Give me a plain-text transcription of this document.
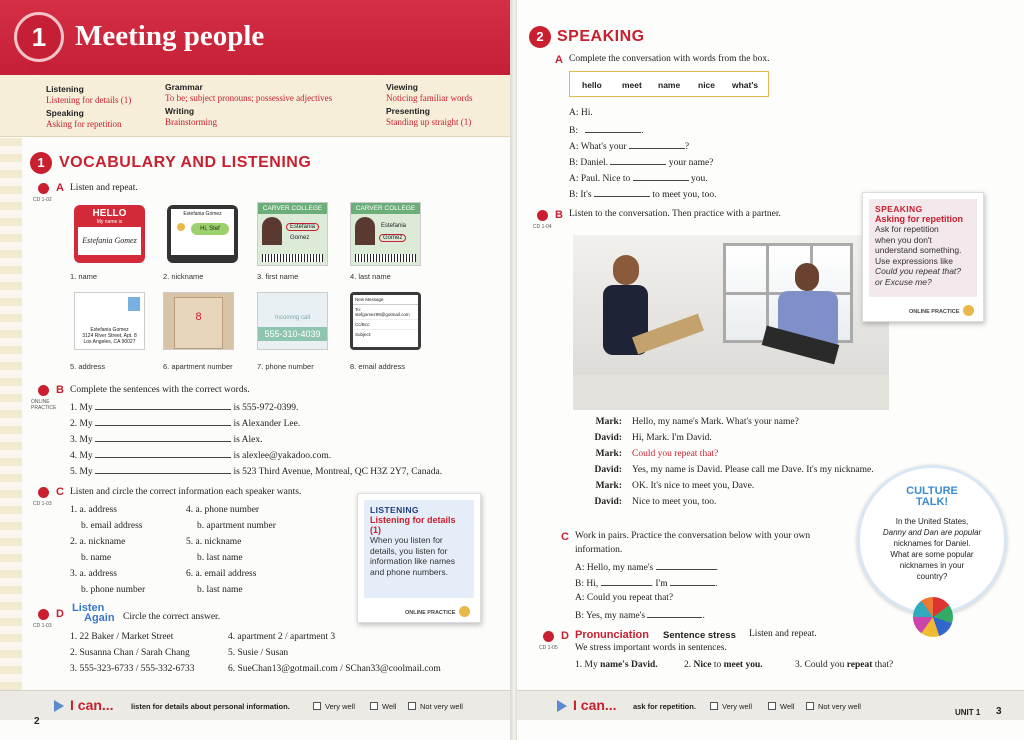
1 Meeting people
Listening
Listening for details (1)
Speaking
Asking for repetition
Grammar
To be; subject pronouns; possessive adjectives
Writing
Brainstorming
Viewing
Noticing familiar words
Presenting
Standing up straight (1)
1 VOCABULARY AND LISTENING
CD 1-02
A Listen and repeat.
HELLO
My name is
Estefania Gomez
Estefania Gomez
Hi, Stef
CARVER COLLEGE
Estefania
Gomez
CARVER COLLEGE
Estefania
Gomez
1. name	2. nickname	3. first name	4. last name
Estefania Gomez
3124 River Street, Apt. 8
Los Angeles, CA 90027
8	Incoming call
555-310-4039
New Message
To: stefgomez99@gotmail.com
Cc/Bcc:
Subject:
5. address	6. apartment number	7. phone number	8. email address
ONLINE PRACTICE
B Complete the sentences with the correct words.
1. My	is 555-972-0399.
2. My	is Alexander Lee.
3. My	is Alex.
4. My	is alexlee@yakadoo.com.
5. My	is 523 Third Avenue, Montreal, QC H3Z 2Y7, Canada.
CD 1-03
C Listen and circle the correct information each speaker wants.
1. a. address
b. email address
2. a. nickname
b. name
3. a. address
b. phone number
4. a. phone number
b. apartment number
5. a. nickname
b. last name
6. a. email address
b. last name
LISTENING
Listening for details (1)
When you listen for
details, you listen for
information like names
and phone numbers.
ONLINE PRACTICE
CD 1-03
D Listen
Again Circle the correct answer.
1. 22 Baker / Market Street
2. Susanna Chan / Sarah Chang
3. 555-323-6733 / 555-332-6733
4. apartment 2 / apartment 3
5. Susie / Susan
6. SueChan13@gotmail.com / SChan33@coolmail.com
I can... listen for details about personal information.	Very well	Well	Not very well
2
2 SPEAKING
A Complete the conversation with words from the box.
hello meet name nice what's
A: Hi.
B:	.
A: What's your	?
B: Daniel.	your name?
A: Paul. Nice to	you.
B: It's	to meet you, too.
CD 1-04
B Listen to the conversation. Then practice with a partner.	SPEAKING
Asking for repetition
Ask for repetition
when you don't
understand something.
Use expressions like
Could you repeat that?
or Excuse me?
ONLINE PRACTICE
Mark: Hello, my name's Mark. What's your name?
David: Hi, Mark. I'm David.
Mark: Could you repeat that?
David: Yes, my name is David. Please call me Dave. It's my nickname.
Mark: OK. It's nice to meet you, Dave.
David: Nice to meet you, too.
CULTURE
TALK!
In the United States,
Danny and Dan are popular
nicknames for Daniel.
What are some popular
nicknames in your
country?
C Work in pairs. Practice the conversation below with your own
information.
A: Hello, my name's	.
B: Hi,	. I'm	.
A: Could you repeat that?
B: Yes, my name's	.
CD 1-05
D Pronunciation Sentence stress Listen and repeat.
We stress important words in sentences.
1. My name's David.	2. Nice to meet you.	3. Could you repeat that?
I can... ask for repetition.	Very well	Well	Not very well
UNIT 1 3
